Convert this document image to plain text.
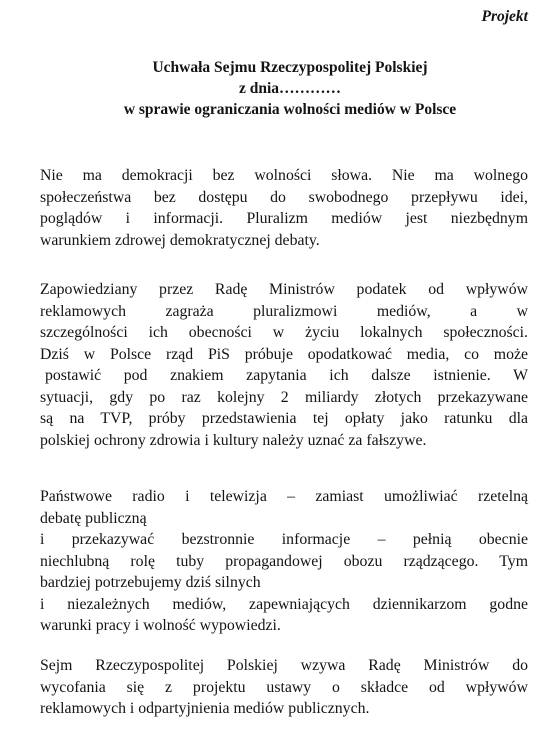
Projekt
Uchwała Sejmu Rzeczypospolitej Polskiej
z dnia…………
w sprawie ograniczania wolności mediów w Polsce
Nie ma demokracji bez wolności słowa. Nie ma wolnego
społeczeństwa bez dostępu do swobodnego przepływu idei,
poglądów i informacji. Pluralizm mediów jest niezbędnym
warunkiem zdrowej demokratycznej debaty.
Zapowiedziany przez Radę Ministrów podatek od wpływów
reklamowych zagraża pluralizmowi mediów, a w
szczególności ich obecności w życiu lokalnych społeczności.
Dziś w Polsce rząd PiS próbuje opodatkować media, co może
postawić pod znakiem zapytania ich dalsze istnienie. W
sytuacji, gdy po raz kolejny 2 miliardy złotych przekazywane
są na TVP, próby przedstawienia tej opłaty jako ratunku dla
polskiej ochrony zdrowia i kultury należy uznać za fałszywe.
Państwowe radio i telewizja – zamiast umożliwiać rzetelną
debatę publiczną
i przekazywać bezstronnie informacje – pełnią obecnie
niechlubną rolę tuby propagandowej obozu rządzącego. Tym
bardziej potrzebujemy dziś silnych
i niezależnych mediów, zapewniających dziennikarzom godne
warunki pracy i wolność wypowiedzi.
Sejm Rzeczypospolitej Polskiej wzywa Radę Ministrów do
wycofania się z projektu ustawy o składce od wpływów
reklamowych i odpartyjnienia mediów publicznych.
